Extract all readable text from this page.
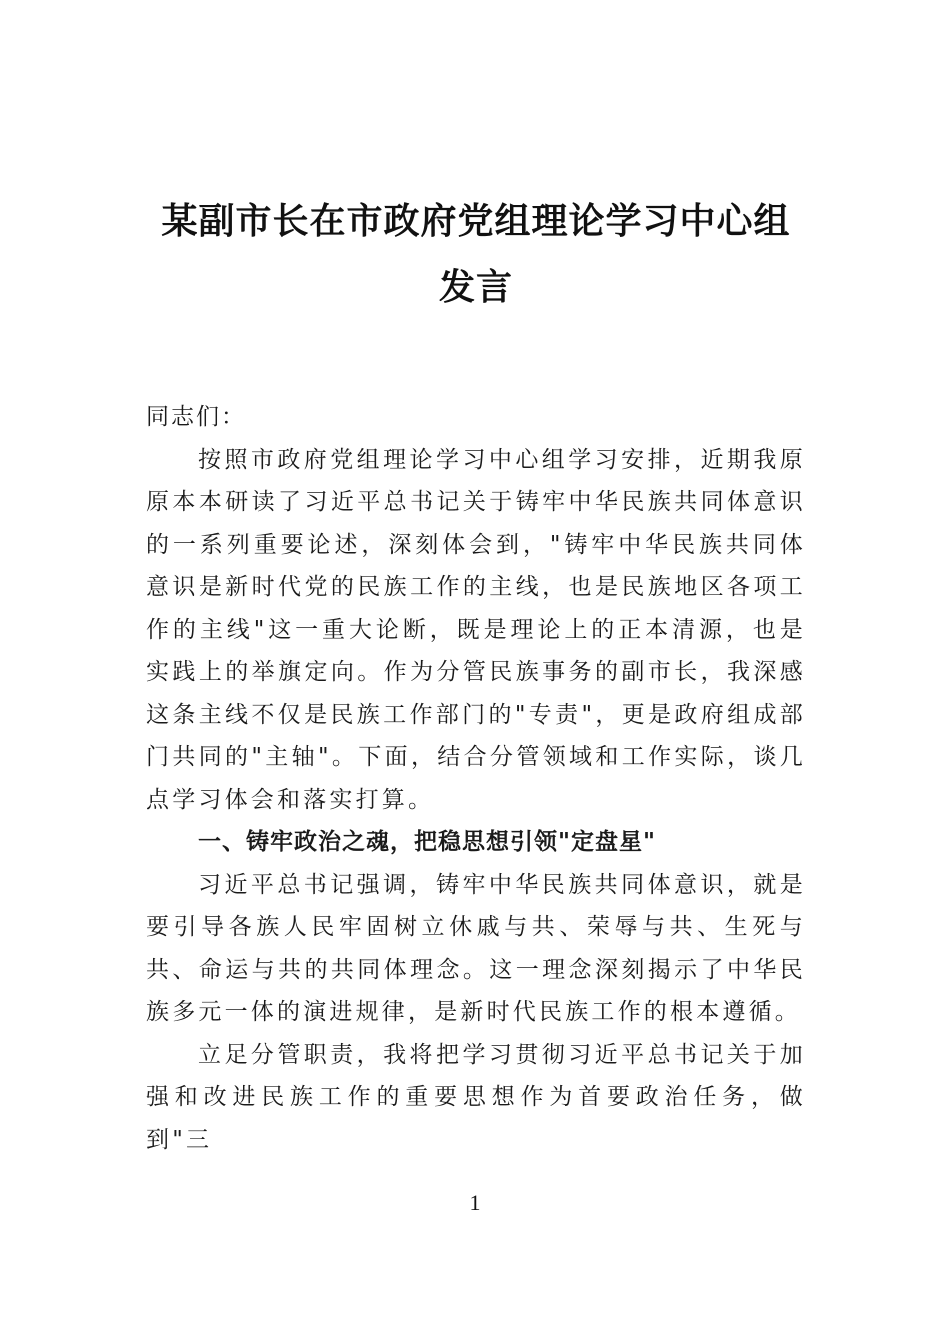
某副市长在市政府党组理论学习中心组发言

同志们：

按照市政府党组理论学习中心组学习安排，近期我原原本本研读了习近平总书记关于铸牢中华民族共同体意识的一系列重要论述，深刻体会到，"铸牢中华民族共同体意识是新时代党的民族工作的主线，也是民族地区各项工作的主线"这一重大论断，既是理论上的正本清源，也是实践上的举旗定向。作为分管民族事务的副市长，我深感这条主线不仅是民族工作部门的"专责"，更是政府组成部门共同的"主轴"。下面，结合分管领域和工作实际，谈几点学习体会和落实打算。

一、铸牢政治之魂，把稳思想引领"定盘星"

习近平总书记强调，铸牢中华民族共同体意识，就是要引导各族人民牢固树立休戚与共、荣辱与共、生死与共、命运与共的共同体理念。这一理念深刻揭示了中华民族多元一体的演进规律，是新时代民族工作的根本遵循。

立足分管职责，我将把学习贯彻习近平总书记关于加强和改进民族工作的重要思想作为首要政治任务，做到"三

1
